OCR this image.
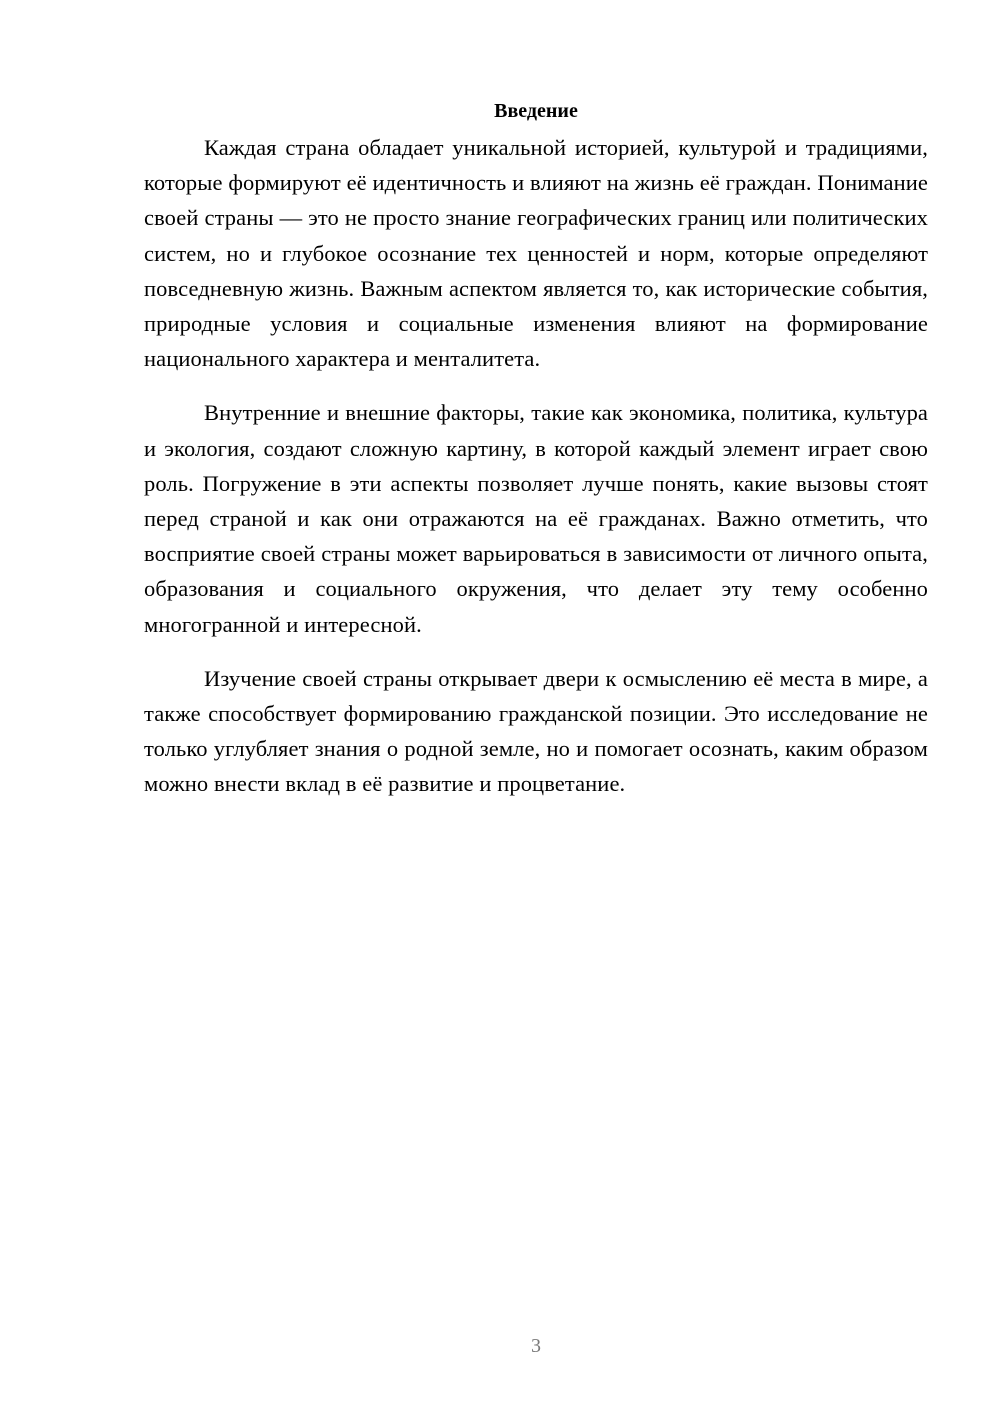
Введение

Каждая страна обладает уникальной историей, культурой и традициями, которые формируют её идентичность и влияют на жизнь её граждан. Понимание своей страны — это не просто знание географических границ или политических систем, но и глубокое осознание тех ценностей и норм, которые определяют повседневную жизнь. Важным аспектом является то, как исторические события, природные условия и социальные изменения влияют на формирование национального характера и менталитета.

Внутренние и внешние факторы, такие как экономика, политика, культура и экология, создают сложную картину, в которой каждый элемент играет свою роль. Погружение в эти аспекты позволяет лучше понять, какие вызовы стоят перед страной и как они отражаются на её гражданах. Важно отметить, что восприятие своей страны может варьироваться в зависимости от личного опыта, образования и социального окружения, что делает эту тему особенно многогранной и интересной.

Изучение своей страны открывает двери к осмыслению её места в мире, а также способствует формированию гражданской позиции. Это исследование не только углубляет знания о родной земле, но и помогает осознать, каким образом можно внести вклад в её развитие и процветание.

3
